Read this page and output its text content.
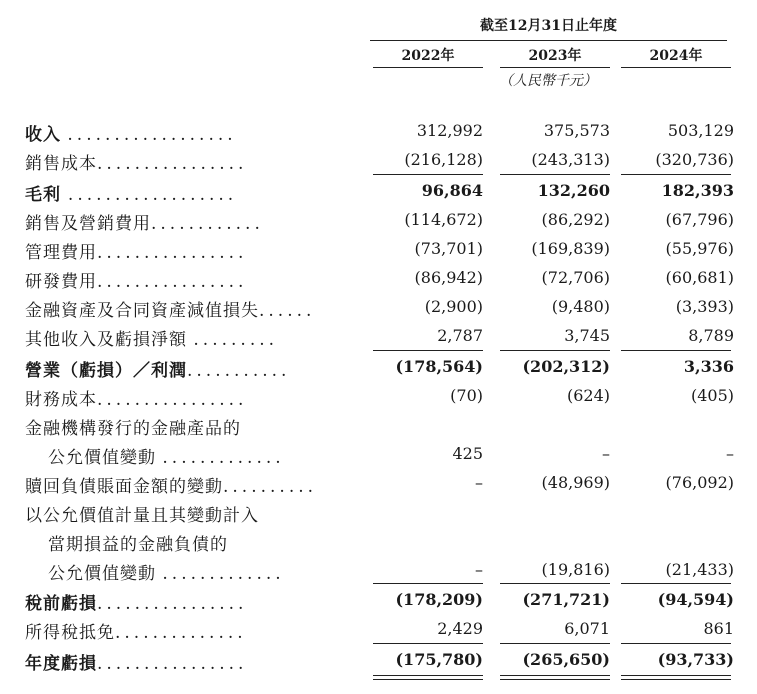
截至12月31日止年度
2022年	2023年	2024年
（人民幣千元）
收入 ..................	312,992	375,573	503,129
銷售成本................	(216,128)	(243,313)	(320,736)
毛利 ..................	96,864	132,260	182,393
銷售及營銷費用............	(114,672)	(86,292)	(67,796)
管理費用................	(73,701)	(169,839)	(55,976)
研發費用................	(86,942)	(72,706)	(60,681)
金融資產及合同資產減值損失......	(2,900)	(9,480)	(3,393)
其他收入及虧損淨額 .........	2,787	3,745	8,789
營業（虧損）／利潤...........	(178,564)	(202,312)	3,336
財務成本................	(70)	(624)	(405)
金融機構發行的金融產品的
公允價值變動 .............	425	–	–
贖回負債賬面金額的變動..........	–	(48,969)	(76,092)
以公允價值計量且其變動計入
當期損益的金融負債的
公允價值變動 .............	–	(19,816)	(21,433)
稅前虧損................	(178,209)	(271,721)	(94,594)
所得稅抵免..............	2,429	6,071	861
年度虧損................	(175,780)	(265,650)	(93,733)
